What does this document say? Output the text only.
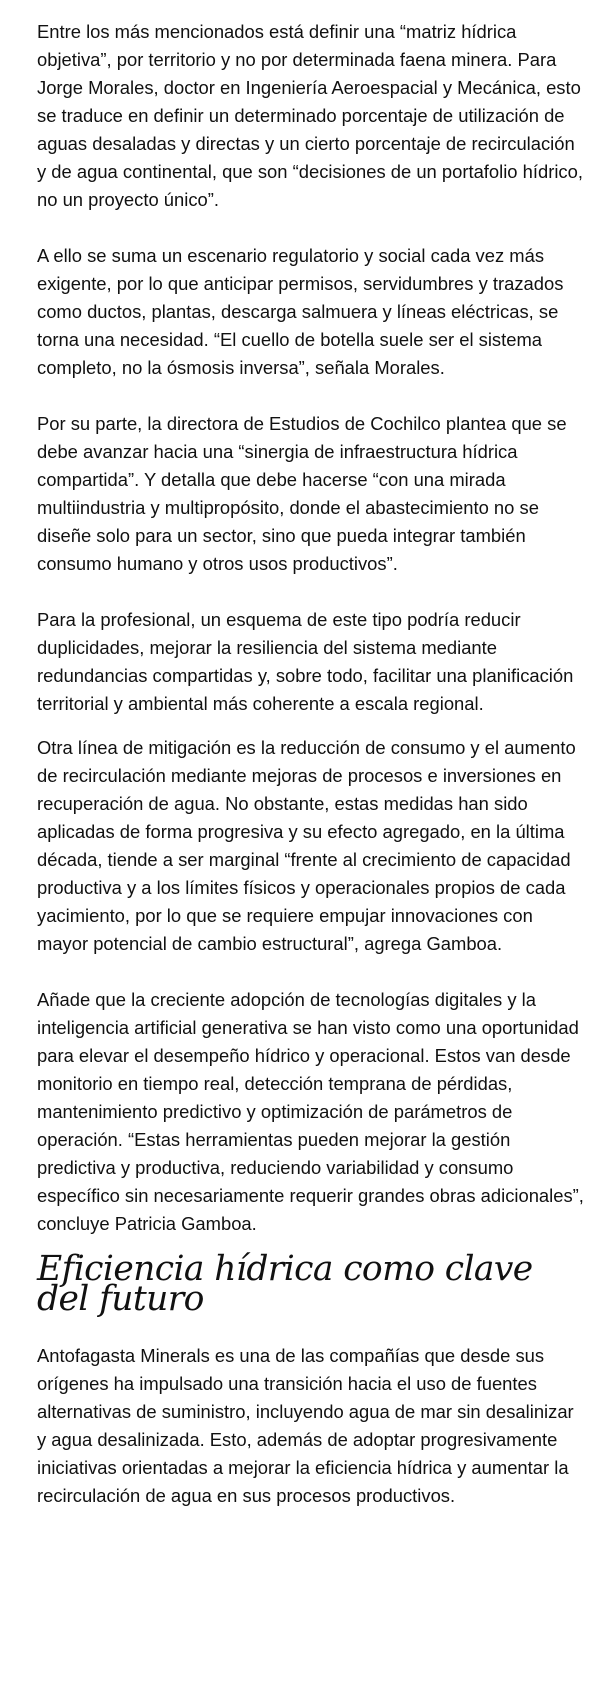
Entre los más mencionados está definir una “matriz hídrica objetiva”, por territorio y no por determinada faena minera. Para Jorge Morales, doctor en Ingeniería Aeroespacial y Mecánica, esto se traduce en definir un determinado porcentaje de utilización de aguas desaladas y directas y un cierto porcentaje de recirculación y de agua continental, que son “decisiones de un portafolio hídrico, no un proyecto único”.

A ello se suma un escenario regulatorio y social cada vez más exigente, por lo que anticipar permisos, servidumbres y trazados como ductos, plantas, descarga salmuera y líneas eléctricas, se torna una necesidad. “El cuello de botella suele ser el sistema completo, no la ósmosis inversa”, señala Morales.

Por su parte, la directora de Estudios de Cochilco plantea que se debe avanzar hacia una “sinergia de infraestructura hídrica compartida”. Y detalla que debe hacerse “con una mirada multiindustria y multipropósito, donde el abastecimiento no se diseñe solo para un sector, sino que pueda integrar también consumo humano y otros usos productivos”.

Para la profesional, un esquema de este tipo podría reducir duplicidades, mejorar la resiliencia del sistema mediante redundancias compartidas y, sobre todo, facilitar una planificación territorial y ambiental más coherente a escala regional.

Otra línea de mitigación es la reducción de consumo y el aumento de recirculación mediante mejoras de procesos e inversiones en recuperación de agua. No obstante, estas medidas han sido aplicadas de forma progresiva y su efecto agregado, en la última década, tiende a ser marginal “frente al crecimiento de capacidad productiva y a los límites físicos y operacionales propios de cada yacimiento, por lo que se requiere empujar innovaciones con mayor potencial de cambio estructural”, agrega Gamboa.

Añade que la creciente adopción de tecnologías digitales y la inteligencia artificial generativa se han visto como una oportunidad para elevar el desempeño hídrico y operacional. Estos van desde monitorio en tiempo real, detección temprana de pérdidas, mantenimiento predictivo y optimización de parámetros de operación. “Estas herramientas pueden mejorar la gestión predictiva y productiva, reduciendo variabilidad y consumo específico sin necesariamente requerir grandes obras adicionales”, concluye Patricia Gamboa.

Eficiencia hídrica como clave del futuro

Antofagasta Minerals es una de las compañías que desde sus orígenes ha impulsado una transición hacia el uso de fuentes alternativas de suministro, incluyendo agua de mar sin desalinizar y agua desalinizada. Esto, además de adoptar progresivamente iniciativas orientadas a mejorar la eficiencia hídrica y aumentar la recirculación de agua en sus procesos productivos.
